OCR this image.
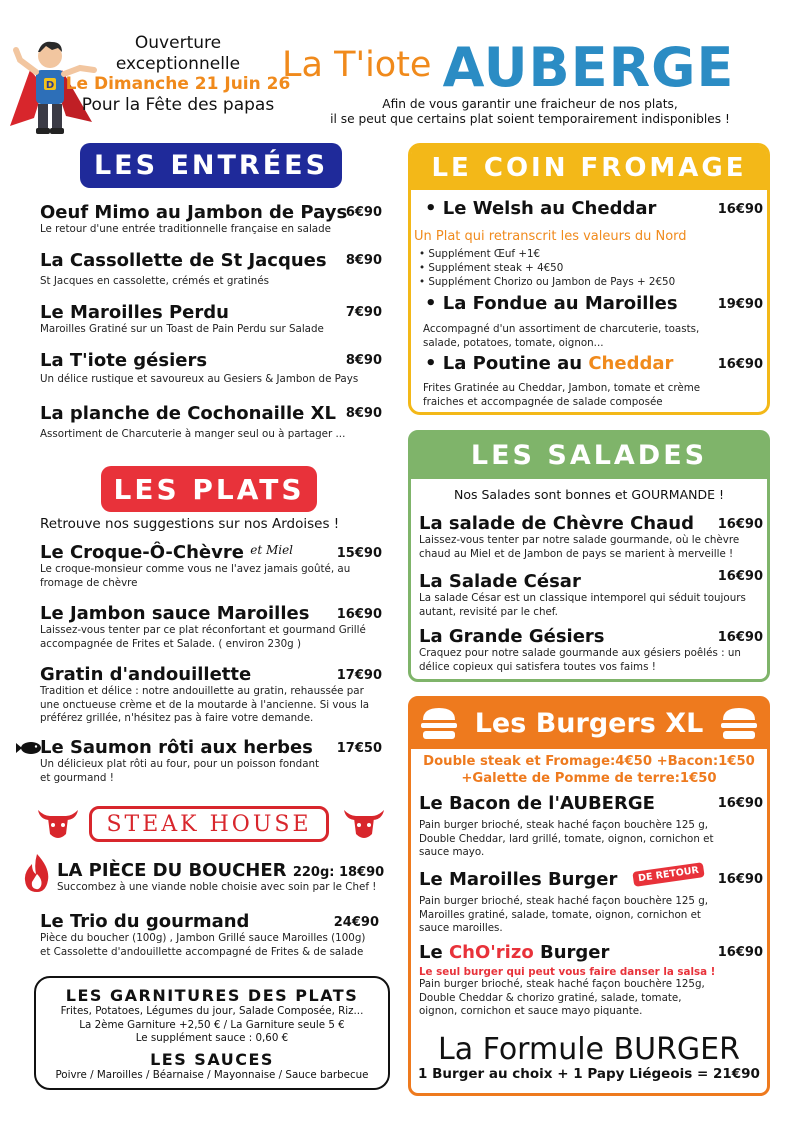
D
Ouverture
exceptionnelle
Le Dimanche 21 Juin 26
Pour la Fête des papas
La T'iote AUBERGE
Afin de vous garantir une fraicheur de nos plats,
il se peut que certains plat soient temporairement indisponibles !
LES ENTRÉES
Oeuf Mimo au Jambon de Pays
6€90
Le retour d'une entrée traditionnelle française en salade
La Cassollette de St Jacques	8€90
St Jacques en cassolette, crémés et gratinés
Le Maroilles Perdu	7€90
Maroilles Gratiné sur un Toast de Pain Perdu sur Salade
La T'iote gésiers	8€90
Un délice rustique et savoureux au Gesiers & Jambon de Pays
La planche de Cochonaille XL 8€90
Assortiment de Charcuterie à manger seul ou à partager ...
LES PLATS
Retrouve nos suggestions sur nos Ardoises !
Le Croque-Ô-Chèvre $^{et Miel}$	15€90
Le croque-monsieur comme vous ne l'avez jamais goûté, au
fromage de chèvre
Le Jambon sauce Maroilles	16€90
Laissez-vous tenter par ce plat réconfortant et gourmand Grillé
accompagnée de Frites et Salade. ( environ 230g )
Gratin d'andouillette	17€90
Tradition et délice : notre andouillette au gratin, rehaussée par
une onctueuse crème et de la moutarde à l'ancienne. Si vous la
préférez grillée, n'hésitez pas à faire votre demande.
Le Saumon rôti aux herbes	17€50
Un délicieux plat rôti au four, pour un poisson fondant
et gourmand !
STEAK HOUSE
LA PIÈCE DU BOUCHER 220g: 18€90
Succombez à une viande noble choisie avec soin par le Chef !
Le Trio du gourmand	24€90
Pièce du boucher (100g) , Jambon Grillé sauce Maroilles (100g)
et Cassolette d'andouillette accompagné de Frites & de salade
LES GARNITURES DES PLATS
Frites, Potatoes, Légumes du jour, Salade Composée, Riz...
La 2ème Garniture +2,50 € / La Garniture seule 5 €
Le supplément sauce : 0,60 €
LES SAUCES
Poivre / Maroilles / Béarnaise / Mayonnaise / Sauce barbecue
LE COIN FROMAGE
• Le Welsh au Cheddar	16€90
Un Plat qui retranscrit les valeurs du Nord
• Supplément Œuf +1€
• Supplément steak + 4€50
• Supplément Chorizo ou Jambon de Pays + 2€50
• La Fondue au Maroilles	19€90
Accompagné d'un assortiment de charcuterie, toasts,
salade, potatoes, tomate, oignon...
• La Poutine au Cheddar	16€90
Frites Gratinée au Cheddar, Jambon, tomate et crème
fraiches et accompagnée de salade composée
LES SALADES
Nos Salades sont bonnes et GOURMANDE !
La salade de Chèvre Chaud	16€90
Laissez-vous tenter par notre salade gourmande, où le chèvre
chaud au Miel et de Jambon de pays se marient à merveille !
La Salade César	16€90
La salade César est un classique intemporel qui séduit toujours
autant, revisité par le chef.
La Grande Gésiers	16€90
Craquez pour notre salade gourmande aux gésiers poêlés : un
délice copieux qui satisfera toutes vos faims !
Les Burgers XL
Double steak et Fromage:4€50 +Bacon:1€50
+Galette de Pomme de terre:1€50
Le Bacon de l'AUBERGE	16€90
Pain burger brioché, steak haché façon bouchère 125 g,
Double Cheddar, lard grillé, tomate, oignon, cornichon et
sauce mayo.
Le Maroilles Burger	DE RETOUR	16€90
Pain burger brioché, steak haché façon bouchère 125 g,
Maroilles gratiné, salade, tomate, oignon, cornichon et
sauce maroilles.
Le ChO'rizo Burger	16€90
Le seul burger qui peut vous faire danser la salsa !
Pain burger brioché, steak haché façon bouchère 125g,
Double Cheddar & chorizo gratiné, salade, tomate,
oignon, cornichon et sauce mayo piquante.
La Formule BURGER
1 Burger au choix + 1 Papy Liégeois = 21€90
